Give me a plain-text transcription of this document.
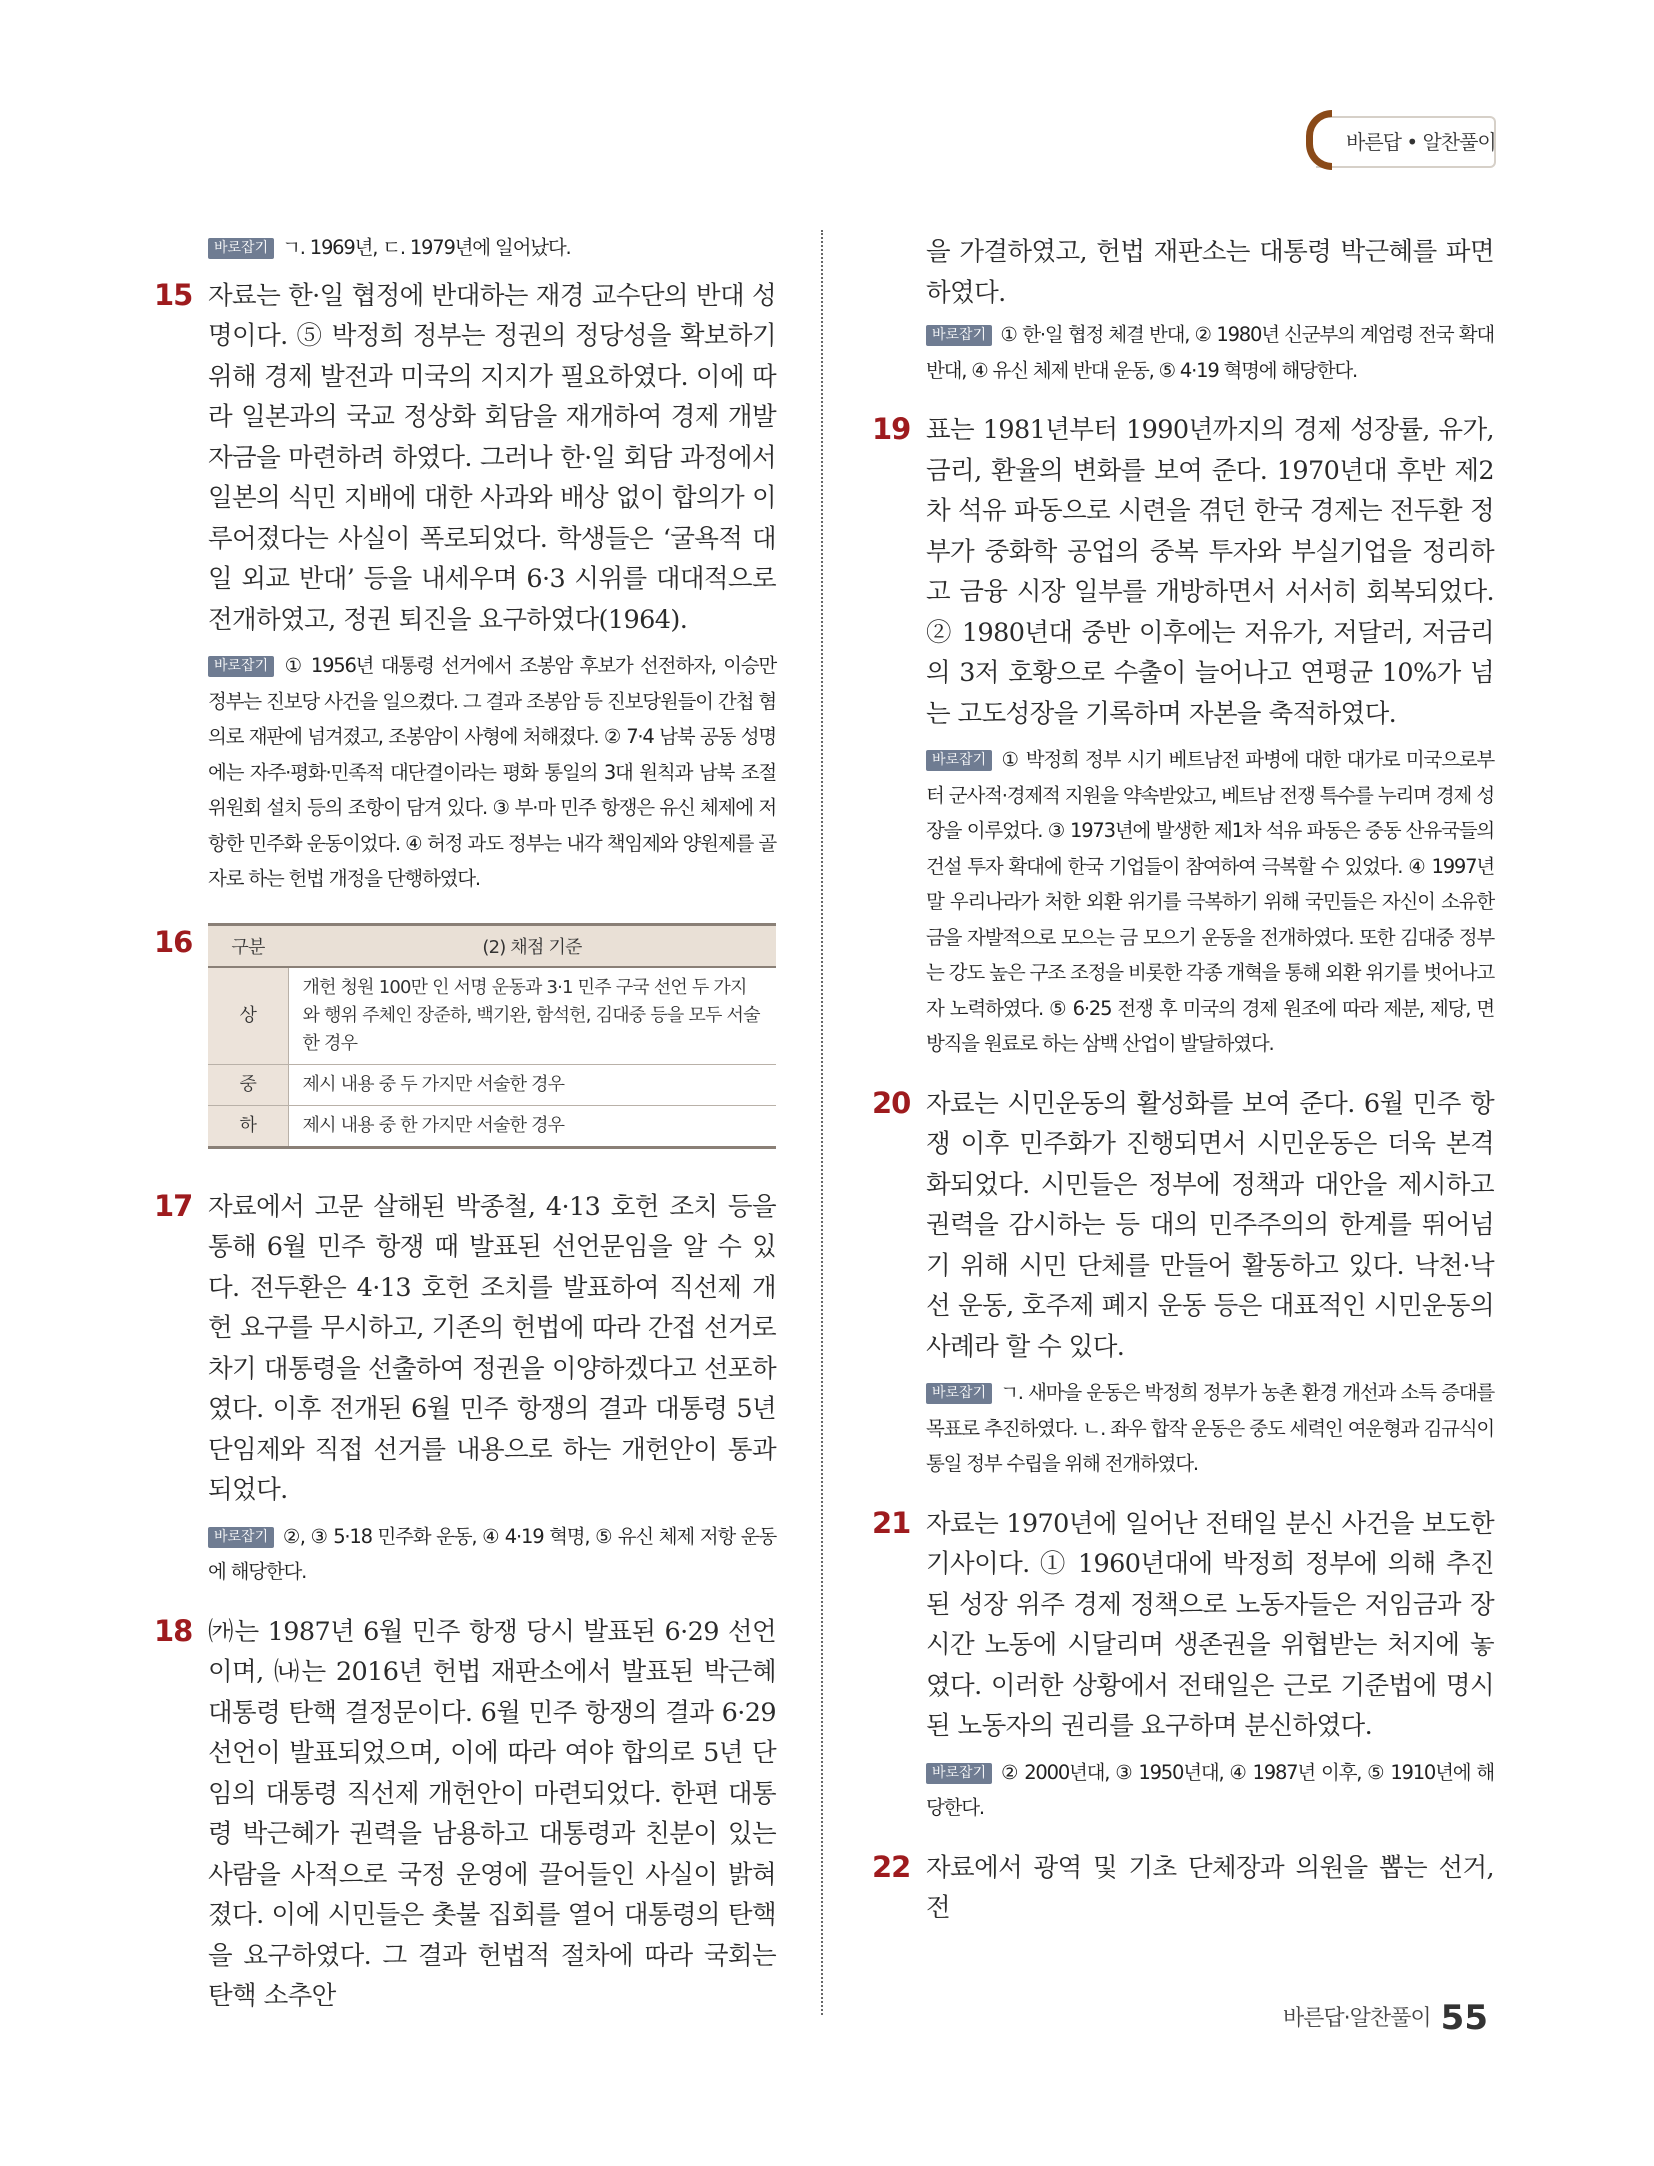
바른답 • 알찬풀이
바로잡기 ㄱ. 1969년, ㄷ. 1979년에 일어났다.
15 자료는 한·일 협정에 반대하는 재경 교수단의 반대 성명이다. ⑤ 박정희 정부는 정권의 정당성을 확보하기 위해 경제 발전과 미국의 지지가 필요하였다. 이에 따라 일본과의 국교 정상화 회담을 재개하여 경제 개발 자금을 마련하려 하였다. 그러나 한·일 회담 과정에서 일본의 식민 지배에 대한 사과와 배상 없이 합의가 이루어졌다는 사실이 폭로되었다. 학생들은 ‘굴욕적 대일 외교 반대’ 등을 내세우며 6·3 시위를 대대적으로 전개하였고, 정권 퇴진을 요구하였다(1964).
바로잡기 ① 1956년 대통령 선거에서 조봉암 후보가 선전하자, 이승만 정부는 진보당 사건을 일으켰다. 그 결과 조봉암 등 진보당원들이 간첩 혐의로 재판에 넘겨졌고, 조봉암이 사형에 처해졌다. ② 7·4 남북 공동 성명에는 자주·평화·민족적 대단결이라는 평화 통일의 3대 원칙과 남북 조절 위원회 설치 등의 조항이 담겨 있다. ③ 부·마 민주 항쟁은 유신 체제에 저항한 민주화 운동이었다. ④ 허정 과도 정부는 내각 책임제와 양원제를 골자로 하는 헌법 개정을 단행하였다.
16 구분	(2) 채점 기준
상	개헌 청원 100만 인 서명 운동과 3·1 민주 구국 선언 두 가지와 행위 주체인 장준하, 백기완, 함석헌, 김대중 등을 모두 서술한 경우
중	제시 내용 중 두 가지만 서술한 경우
하	제시 내용 중 한 가지만 서술한 경우
17 자료에서 고문 살해된 박종철, 4·13 호헌 조치 등을 통해 6월 민주 항쟁 때 발표된 선언문임을 알 수 있다. 전두환은 4·13 호헌 조치를 발표하여 직선제 개헌 요구를 무시하고, 기존의 헌법에 따라 간접 선거로 차기 대통령을 선출하여 정권을 이양하겠다고 선포하였다. 이후 전개된 6월 민주 항쟁의 결과 대통령 5년 단임제와 직접 선거를 내용으로 하는 개헌안이 통과되었다.
바로잡기 ②, ③ 5·18 민주화 운동, ④ 4·19 혁명, ⑤ 유신 체제 저항 운동에 해당한다.
18 ㈎는 1987년 6월 민주 항쟁 당시 발표된 6·29 선언이며, ㈏는 2016년 헌법 재판소에서 발표된 박근혜 대통령 탄핵 결정문이다. 6월 민주 항쟁의 결과 6·29 선언이 발표되었으며, 이에 따라 여야 합의로 5년 단임의 대통령 직선제 개헌안이 마련되었다. 한편 대통령 박근혜가 권력을 남용하고 대통령과 친분이 있는 사람을 사적으로 국정 운영에 끌어들인 사실이 밝혀졌다. 이에 시민들은 촛불 집회를 열어 대통령의 탄핵을 요구하였다. 그 결과 헌법적 절차에 따라 국회는 탄핵 소추안
을 가결하였고, 헌법 재판소는 대통령 박근혜를 파면하였다.
바로잡기 ① 한·일 협정 체결 반대, ② 1980년 신군부의 계엄령 전국 확대 반대, ④ 유신 체제 반대 운동, ⑤ 4·19 혁명에 해당한다.
19 표는 1981년부터 1990년까지의 경제 성장률, 유가, 금리, 환율의 변화를 보여 준다. 1970년대 후반 제2차 석유 파동으로 시련을 겪던 한국 경제는 전두환 정부가 중화학 공업의 중복 투자와 부실기업을 정리하고 금융 시장 일부를 개방하면서 서서히 회복되었다. ② 1980년대 중반 이후에는 저유가, 저달러, 저금리의 3저 호황으로 수출이 늘어나고 연평균 10%가 넘는 고도성장을 기록하며 자본을 축적하였다.
바로잡기 ① 박정희 정부 시기 베트남전 파병에 대한 대가로 미국으로부터 군사적·경제적 지원을 약속받았고, 베트남 전쟁 특수를 누리며 경제 성장을 이루었다. ③ 1973년에 발생한 제1차 석유 파동은 중동 산유국들의 건설 투자 확대에 한국 기업들이 참여하여 극복할 수 있었다. ④ 1997년 말 우리나라가 처한 외환 위기를 극복하기 위해 국민들은 자신이 소유한 금을 자발적으로 모으는 금 모으기 운동을 전개하였다. 또한 김대중 정부는 강도 높은 구조 조정을 비롯한 각종 개혁을 통해 외환 위기를 벗어나고자 노력하였다. ⑤ 6·25 전쟁 후 미국의 경제 원조에 따라 제분, 제당, 면방직을 원료로 하는 삼백 산업이 발달하였다.
20 자료는 시민운동의 활성화를 보여 준다. 6월 민주 항쟁 이후 민주화가 진행되면서 시민운동은 더욱 본격화되었다. 시민들은 정부에 정책과 대안을 제시하고 권력을 감시하는 등 대의 민주주의의 한계를 뛰어넘기 위해 시민 단체를 만들어 활동하고 있다. 낙천·낙선 운동, 호주제 폐지 운동 등은 대표적인 시민운동의 사례라 할 수 있다.
바로잡기 ㄱ. 새마을 운동은 박정희 정부가 농촌 환경 개선과 소득 증대를 목표로 추진하였다. ㄴ. 좌우 합작 운동은 중도 세력인 여운형과 김규식이 통일 정부 수립을 위해 전개하였다.
21 자료는 1970년에 일어난 전태일 분신 사건을 보도한 기사이다. ① 1960년대에 박정희 정부에 의해 추진된 성장 위주 경제 정책으로 노동자들은 저임금과 장시간 노동에 시달리며 생존권을 위협받는 처지에 놓였다. 이러한 상황에서 전태일은 근로 기준법에 명시된 노동자의 권리를 요구하며 분신하였다.
바로잡기 ② 2000년대, ③ 1950년대, ④ 1987년 이후, ⑤ 1910년에 해당한다.
22 자료에서 광역 및 기초 단체장과 의원을 뽑는 선거, 전
바른답·알찬풀이 55
